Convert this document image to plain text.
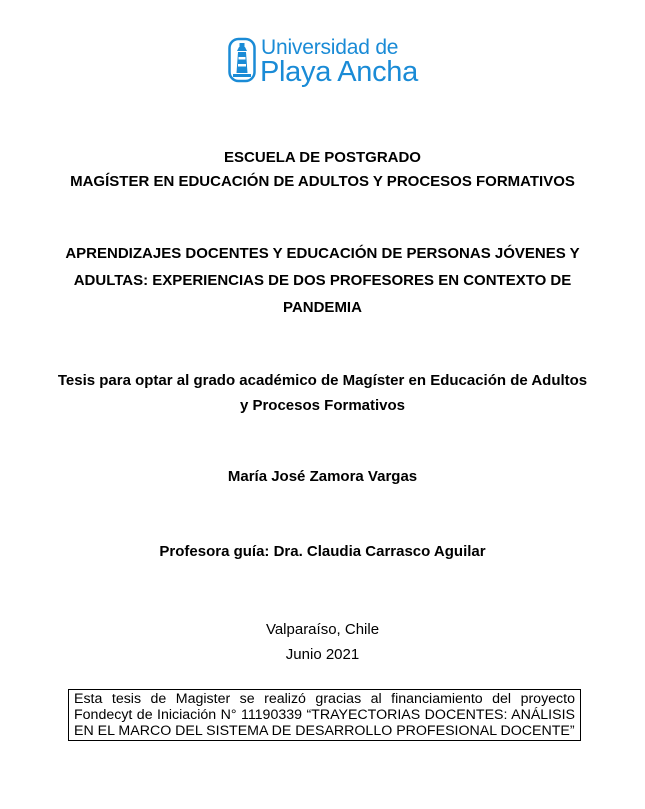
Universidad de
Playa Ancha
ESCUELA DE POSTGRADO
MAGÍSTER EN EDUCACIÓN DE ADULTOS Y PROCESOS FORMATIVOS
APRENDIZAJES DOCENTES Y EDUCACIÓN DE PERSONAS JÓVENES Y
ADULTAS: EXPERIENCIAS DE DOS PROFESORES EN CONTEXTO DE
PANDEMIA
Tesis para optar al grado académico de Magíster en Educación de Adultos
y Procesos Formativos
María José Zamora Vargas
Profesora guía: Dra. Claudia Carrasco Aguilar
Valparaíso, Chile
Junio 2021
Esta tesis de Magister se realizó gracias al financiamiento del proyecto Fondecyt de Iniciación N° 11190339 “TRAYECTORIAS DOCENTES: ANÁLISIS EN EL MARCO DEL SISTEMA DE DESARROLLO PROFESIONAL DOCENTE”
